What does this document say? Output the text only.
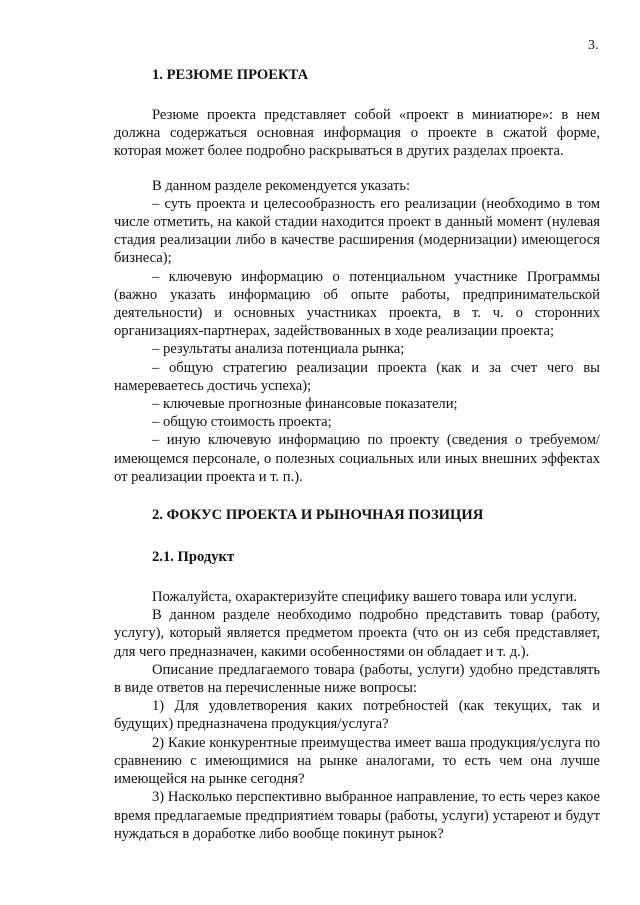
3.
1. РЕЗЮМЕ ПРОЕКТА

Резюме проекта представляет собой «проект в миниатюре»: в нем должна содержаться основная информация о проекте в сжатой форме, которая может более подробно раскрываться в других разделах проекта.

В данном разделе рекомендуется указать:

– суть проекта и целесообразность его реализации (необходимо в том числе отметить, на какой стадии находится проект в данный момент (нулевая стадия реализации либо в качестве расширения (модернизации) имеющегося бизнеса);

– ключевую информацию о потенциальном участнике Программы (важно указать информацию об опыте работы, предпринимательской деятельности) и основных участниках проекта, в т. ч. о сторонних организациях-партнерах, задействованных в ходе реализации проекта;

– результаты анализа потенциала рынка;

– общую стратегию реализации проекта (как и за счет чего вы намереваетесь достичь успеха);

– ключевые прогнозные финансовые показатели;

– общую стоимость проекта;

– иную ключевую информацию по проекту (сведения о требуемом/имеющемся персонале, о полезных социальных или иных внешних эффектах от реализации проекта и т. п.).

2. ФОКУС ПРОЕКТА И РЫНОЧНАЯ ПОЗИЦИЯ
2.1. Продукт

Пожалуйста, охарактеризуйте специфику вашего товара или услуги.

В данном разделе необходимо подробно представить товар (работу, услугу), который является предметом проекта (что он из себя представляет, для чего предназначен, какими особенностями он обладает и т. д.).

Описание предлагаемого товара (работы, услуги) удобно представлять в виде ответов на перечисленные ниже вопросы:

1) Для удовлетворения каких потребностей (как текущих, так и будущих) предназначена продукция/услуга?

2) Какие конкурентные преимущества имеет ваша продукция/услуга по сравнению с имеющимися на рынке аналогами, то есть чем она лучше имеющейся на рынке сегодня?

3) Насколько перспективно выбранное направление, то есть через какое время предлагаемые предприятием товары (работы, услуги) устареют и будут нуждаться в доработке либо вообще покинут рынок?
